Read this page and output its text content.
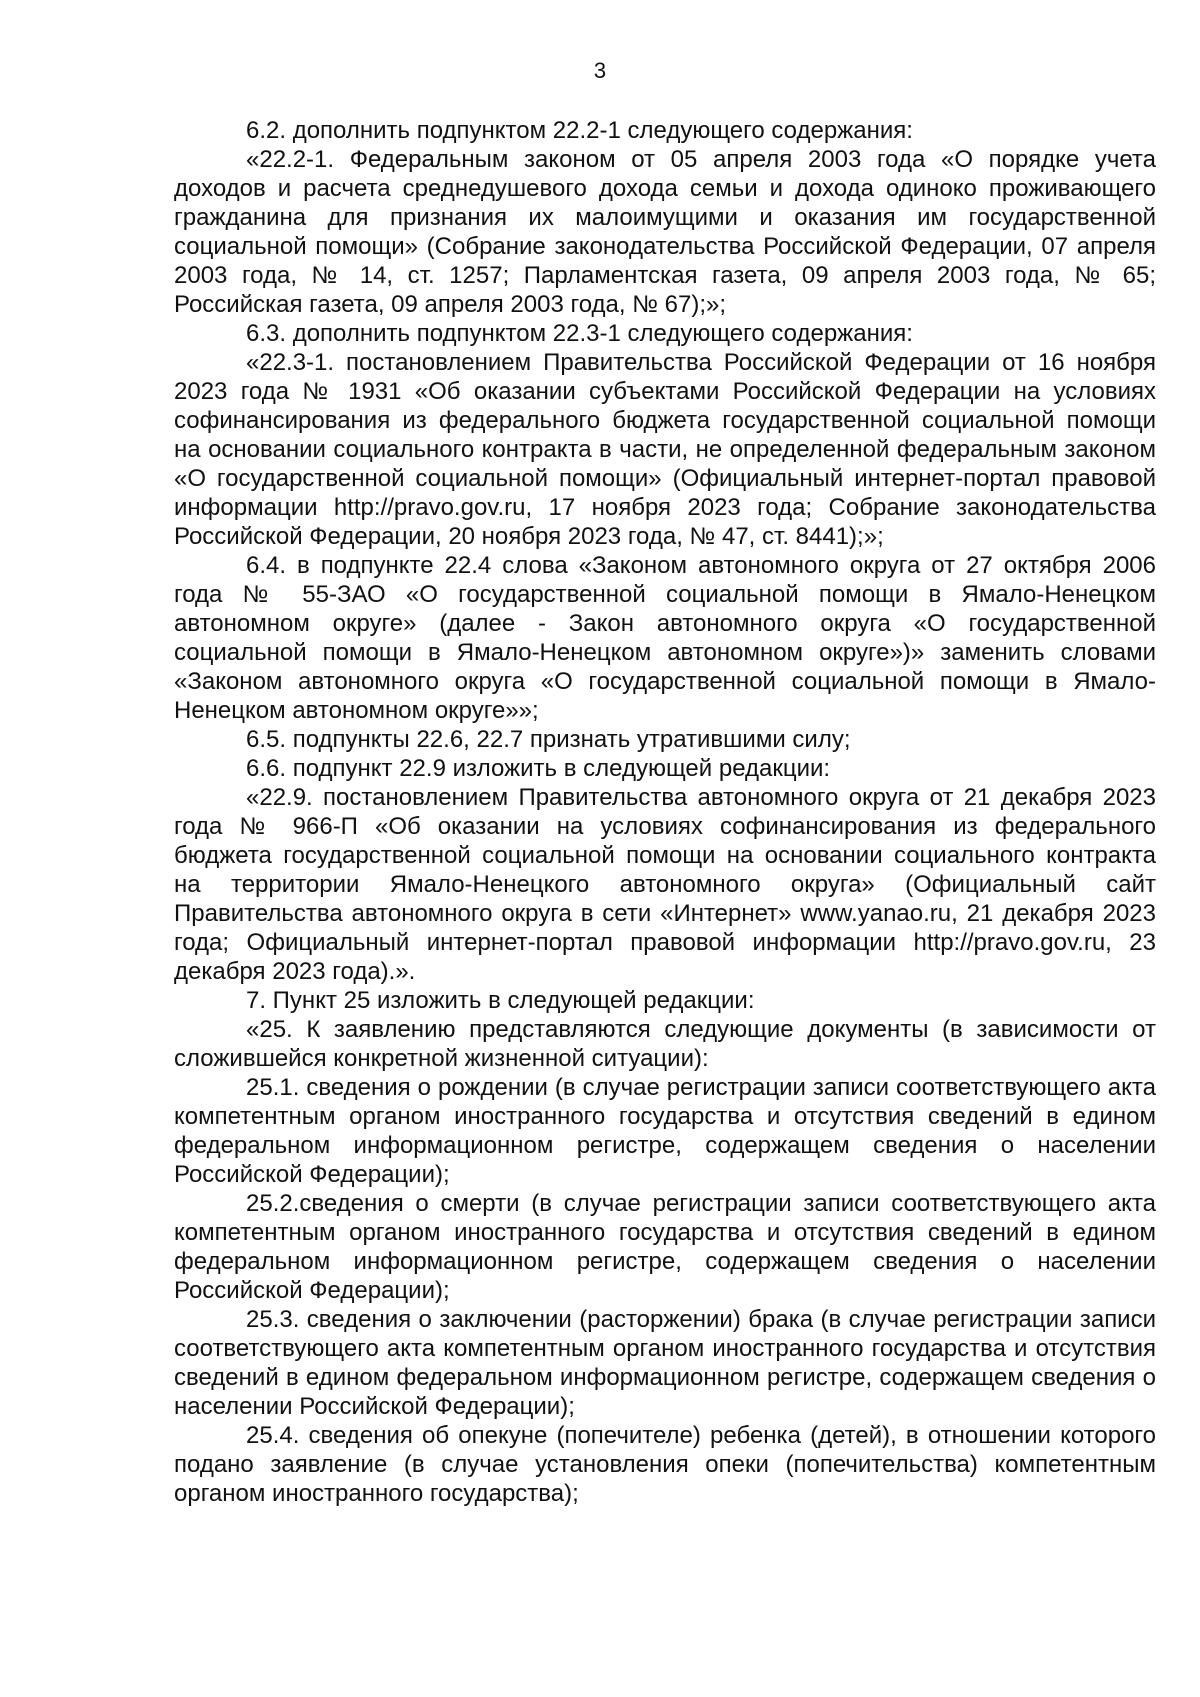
3

6.2. дополнить подпунктом 22.2-1 следующего содержания:

«22.2-1. Федеральным законом от 05 апреля 2003 года «О порядке учета доходов и расчета среднедушевого дохода семьи и дохода одиноко проживающего гражданина для признания их малоимущими и оказания им государственной социальной помощи» (Собрание законодательства Российской Федерации, 07 апреля 2003 года, № 14, ст. 1257; Парламентская газета, 09 апреля 2003 года, № 65; Российская газета, 09 апреля 2003 года, № 67);»;

6.3. дополнить подпунктом 22.3-1 следующего содержания:

«22.3-1. постановлением Правительства Российской Федерации от 16 ноября 2023 года № 1931 «Об оказании субъектами Российской Федерации на условиях софинансирования из федерального бюджета государственной социальной помощи на основании социального контракта в части, не определенной федеральным законом «О государственной социальной помощи» (Официальный интернет-портал правовой информации http://pravo.gov.ru, 17 ноября 2023 года; Собрание законодательства Российской Федерации, 20 ноября 2023 года, № 47, ст. 8441);»;

6.4. в подпункте 22.4 слова «Законом автономного округа от 27 октября 2006 года № 55-ЗАО «О государственной социальной помощи в Ямало-Ненецком автономном округе» (далее - Закон автономного округа «О государственной социальной помощи в Ямало-Ненецком автономном округе»)» заменить словами «Законом автономного округа «О государственной социальной помощи в Ямало-Ненецком автономном округе»»;

6.5. подпункты 22.6, 22.7 признать утратившими силу;

6.6. подпункт 22.9 изложить в следующей редакции:

«22.9. постановлением Правительства автономного округа от 21 декабря 2023 года № 966-П «Об оказании на условиях софинансирования из федерального бюджета государственной социальной помощи на основании социального контракта на территории Ямало-Ненецкого автономного округа» (Официальный сайт Правительства автономного округа в сети «Интернет» www.yanao.ru, 21 декабря 2023 года; Официальный интернет-портал правовой информации http://pravo.gov.ru, 23 декабря 2023 года).».

7. Пункт 25 изложить в следующей редакции:

«25. К заявлению представляются следующие документы (в зависимости от сложившейся конкретной жизненной ситуации):

25.1. сведения о рождении (в случае регистрации записи соответствующего акта компетентным органом иностранного государства и отсутствия сведений в едином федеральном информационном регистре, содержащем сведения о населении Российской Федерации);

25.2.сведения о смерти (в случае регистрации записи соответствующего акта компетентным органом иностранного государства и отсутствия сведений в едином федеральном информационном регистре, содержащем сведения о населении Российской Федерации);

25.3. сведения о заключении (расторжении) брака (в случае регистрации записи соответствующего акта компетентным органом иностранного государства и отсутствия сведений в едином федеральном информационном регистре, содержащем сведения о населении Российской Федерации);

25.4. сведения об опекуне (попечителе) ребенка (детей), в отношении которого подано заявление (в случае установления опеки (попечительства) компетентным органом иностранного государства);
